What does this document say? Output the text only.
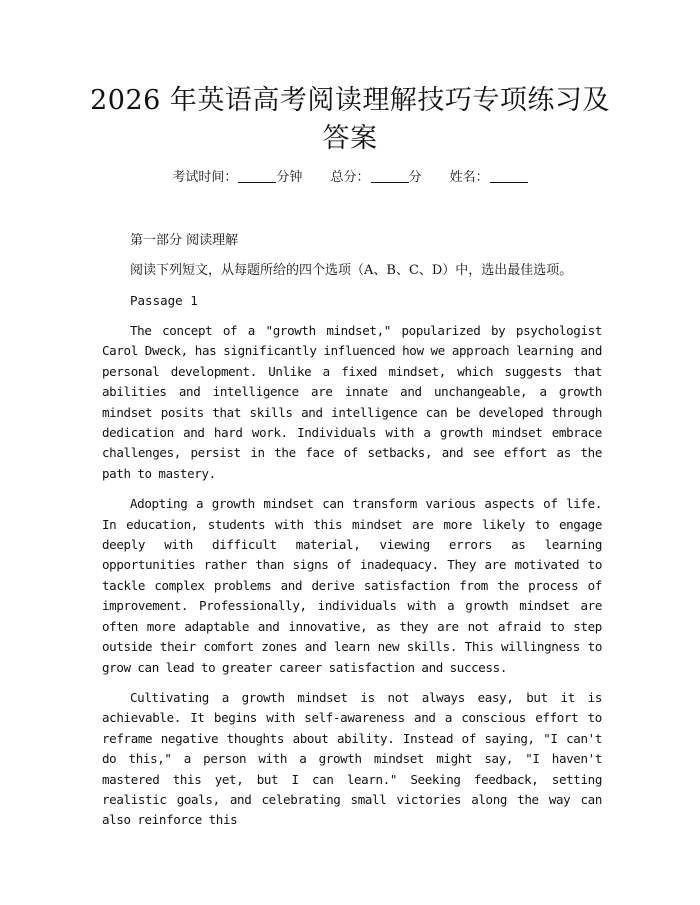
2026 年英语高考阅读理解技巧专项练习及答案
考试时间：	分钟 总分：	分 姓名：

第一部分 阅读理解

阅读下列短文，从每题所给的四个选项（A、B、C、D）中，选出最佳选项。

Passage 1

The concept of a "growth mindset," popularized by psychologist Carol Dweck, has significantly influenced how we approach learning and personal development. Unlike a fixed mindset, which suggests that abilities and intelligence are innate and unchangeable, a growth mindset posits that skills and intelligence can be developed through dedication and hard work. Individuals with a growth mindset embrace challenges, persist in the face of setbacks, and see effort as the path to mastery.

Adopting a growth mindset can transform various aspects of life. In education, students with this mindset are more likely to engage deeply with difficult material, viewing errors as learning opportunities rather than signs of inadequacy. They are motivated to tackle complex problems and derive satisfaction from the process of improvement. Professionally, individuals with a growth mindset are often more adaptable and innovative, as they are not afraid to step outside their comfort zones and learn new skills. This willingness to grow can lead to greater career satisfaction and success.

Cultivating a growth mindset is not always easy, but it is achievable. It begins with self-awareness and a conscious effort to reframe negative thoughts about ability. Instead of saying, "I can't do this," a person with a growth mindset might say, "I haven't mastered this yet, but I can learn." Seeking feedback, setting realistic goals, and celebrating small victories along the way can also reinforce this
